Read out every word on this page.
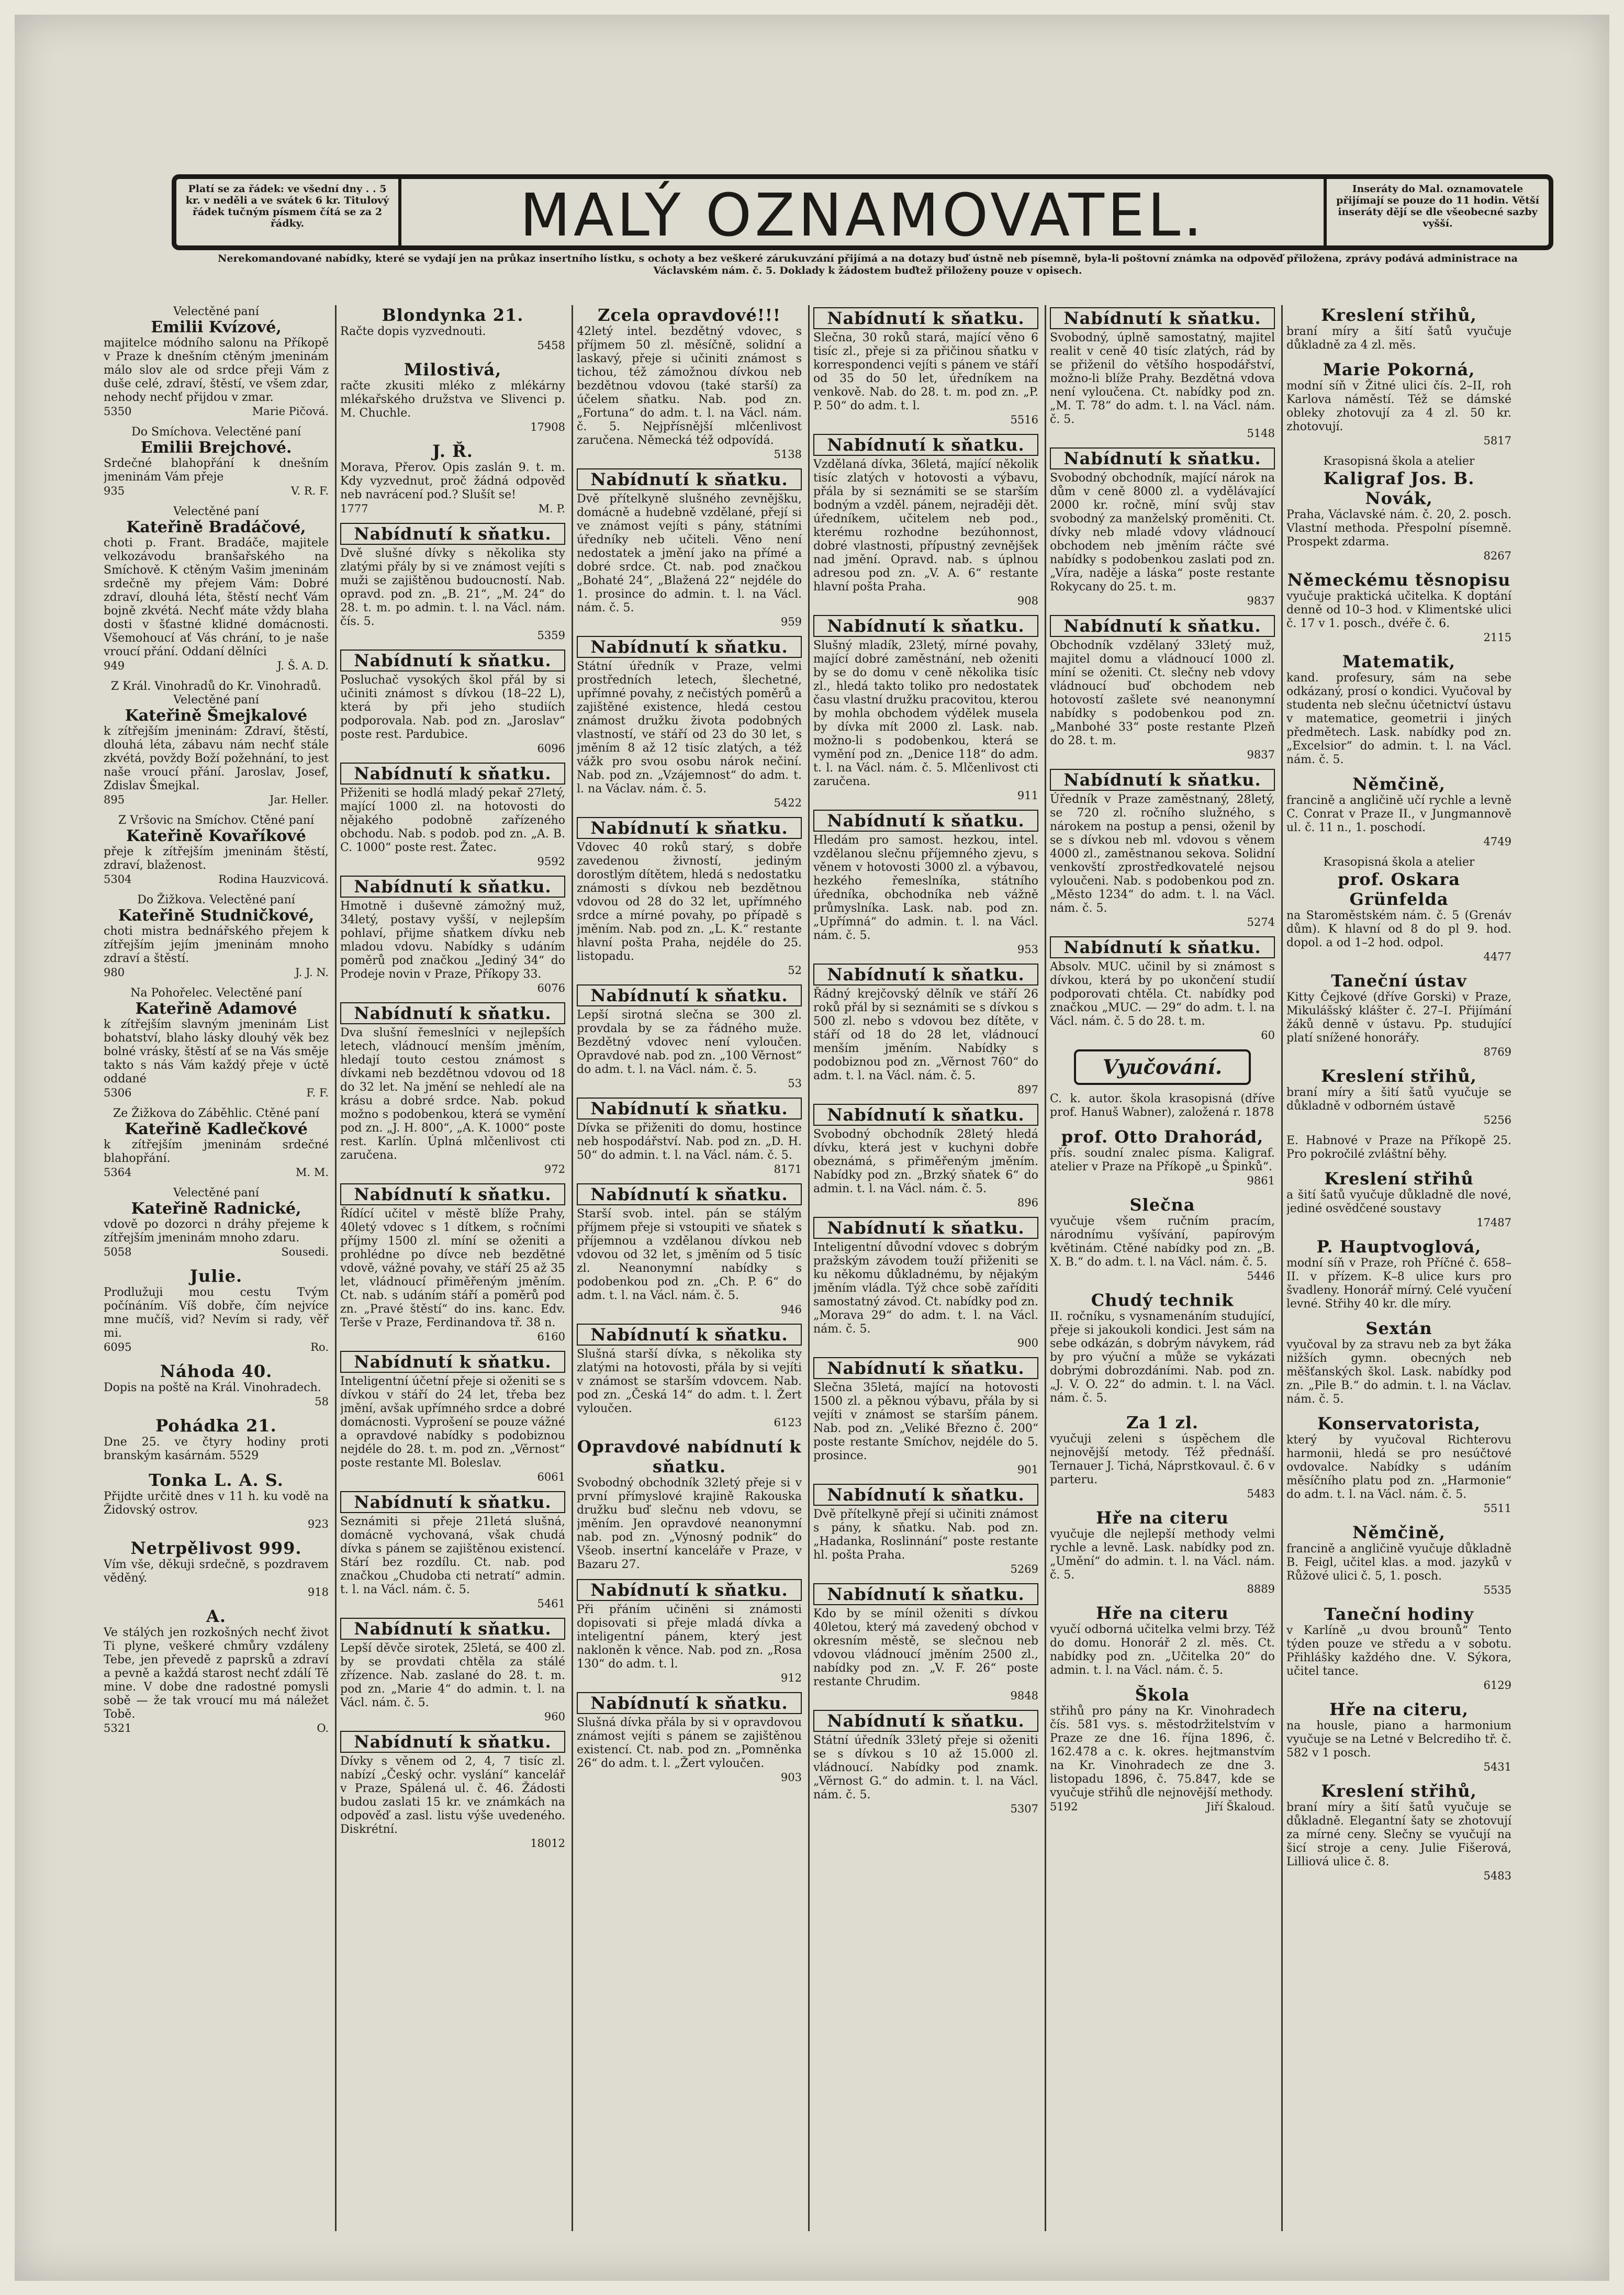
Platí se za řádek: ve všední dny . . 5 kr. v neděli a ve svátek 6 kr. Titulový řádek tučným písmem čítá se za 2 řádky.	MALÝ OZNAMOVATEL.	Inseráty do Mal. oznamovatele přijímají se pouze do 11 hodin. Větší inseráty dějí se dle všeobecné sazby vyšší.
Nerekomandované nabídky, které se vydají jen na průkaz insertního lístku, s ochoty a bez veškeré zárukuvzání přijímá a na dotazy buď ústně neb písemně, byla-li poštovní známka na odpověď přiložena, zprávy podává administrace na Václavském nám. č. 5. Doklady k žádostem buďtež přiloženy pouze v opisech.
Velectěné paní
Emilii Kvízové,
majitelce módního salonu na Příkopě v Praze k dnešním ctěným jmeninám málo slov ale od srdce přeji Vám z duše celé, zdraví, štěstí, ve všem zdar, nehody nechť přijdou v zmar.
5350	Marie Pičová.
Do Smíchova. Velectěné paní
Emilii Brejchové.
Srdečné blahopřání k dnešním jmeninám Vám přeje
935	V. R. F.
Velectěné paní
Kateřině Bradáčové,
choti p. Frant. Bradáče, majitele velkozávodu branšařského na Smíchově. K ctěným Vašim jmeninám srdečně my přejem Vám: Dobré zdraví, dlouhá léta, štěstí nechť Vám bojně zkvétá. Nechť máte vždy blaha dosti v šťastné klidné domácnosti. Všemohoucí ať Vás chrání, to je naše vroucí přání. Oddaní dělníci
949	J. Š. A. D.
Z Král. Vinohradů do Kr. Vinohradů. Velectěné paní
Kateřině Šmejkalové
k zítřejším jmeninám: Zdraví, štěstí, dlouhá léta, zábavu nám nechť stále zkvétá, povždy Boží požehnání, to jest naše vroucí přání. Jaroslav, Josef, Zdislav Šmejkal.
895	Jar. Heller.
Z Vršovic na Smíchov. Ctěné paní
Kateřině Kovaříkové
přeje k zítřejším jmeninám štěstí, zdraví, blaženost.
5304	Rodina Hauzvicová.
Do Žižkova. Velectěné paní
Kateřině Studničkové,
choti mistra bednářského přejem k zítřejším jejím jmeninám mnoho zdraví a štěstí.
980	J. J. N.
Na Pohořelec. Velectěné paní
Kateřině Adamové
k zítřejším slavným jmeninám List bohatství, blaho lásky dlouhý věk bez bolné vrásky, štěstí ať se na Vás směje takto s nás Vám každý přeje v úctě oddané
5306	F. F.
Ze Žižkova do Záběhlic. Ctěné paní
Kateřině Kadlečkové
k zítřejším jmeninám srdečné blahopřání.
5364	M. M.
Velectěné paní
Kateřině Radnické,
vdově po dozorci n dráhy přejeme k zítřejším jmeninám mnoho zdaru.
5058	Sousedi.
Julie.
Prodlužuji mou cestu Tvým počínáním. Víš dobře, čím nejvíce mne mučíš, vid? Nevím si rady, věř mi.
6095	Ro.
Náhoda 40.
Dopis na poště na Král. Vinohradech.
58
Pohádka 21.
Dne 25. ve čtyry hodiny proti branským kasárnám. 5529
Tonka L. A. S.
Přijdte určitě dnes v 11 h. ku vodě na Židovský ostrov.
923
Netrpělivost 999.
Vím vše, děkuji srdečně, s pozdravem věděný.
918
A.
Ve stálých jen rozkošných nechť život Ti plyne, veškeré chmůry vzdáleny Tebe, jen převedě z paprsků a zdraví a pevně a každá starost nechť zdálí Tě mine. V dobe dne radostné pomysli sobě — že tak vroucí mu má náležet Tobě.
5321	O.
Blondynka 21.
Račte dopis vyzvednouti.
5458
Milostivá,
račte zkusiti mléko z mlékárny mlékařského družstva ve Slivenci p. M. Chuchle.
17908
J. Ř.
Morava, Přerov. Opis zaslán 9. t. m. Kdy vyzvednut, proč žádná odpověď neb navrácení pod.? Slušít se!
1777	M. P.
Nabídnutí k sňatku.
Dvě slušné dívky s několika sty zlatými přály by si ve známost vejíti s muži se zajištěnou budoucností. Nab. opravd. pod zn. „B. 21“, „M. 24“ do 28. t. m. po admin. t. l. na Václ. nám. čís. 5.
5359
Nabídnutí k sňatku.
Posluchač vysokých škol přál by si učiniti známost s dívkou (18–22 L), která by při jeho studiích podporovala. Nab. pod zn. „Jaroslav“ poste rest. Pardubice.
6096
Nabídnutí k sňatku.
Přiženiti se hodlá mladý pekař 27letý, mající 1000 zl. na hotovosti do nějakého podobně zařízeného obchodu. Nab. s podob. pod zn. „A. B. C. 1000“ poste rest. Žatec.
9592
Nabídnutí k sňatku.
Hmotně i duševně zámožný muž, 34letý, postavy vyšší, v nejlepším pohlaví, přijme sňatkem dívku neb mladou vdovu. Nabídky s udáním poměrů pod značkou „Jediný 34“ do Prodeje novin v Praze, Příkopy 33.
6076
Nabídnutí k sňatku.
Dva slušní řemeslníci v nejlepších letech, vládnoucí menším jměním, hledají touto cestou známost s dívkami neb bezdětnou vdovou od 18 do 32 let. Na jmění se nehledí ale na krásu a dobré srdce. Nab. pokud možno s podobenkou, která se vymění pod zn. „J. H. 800“, „A. K. 1000“ poste rest. Karlín. Úplná mlčenlivost cti zaručena.
972
Nabídnutí k sňatku.
Řídící učitel v městě blíže Prahy, 40letý vdovec s 1 dítkem, s ročními příjmy 1500 zl. míní se oženiti a prohlédne po dívce neb bezdětné vdově, vážné povahy, ve stáří 25 až 35 let, vládnoucí přiměřeným jměním. Ct. nab. s udáním stáří a poměrů pod zn. „Pravé štěstí“ do ins. kanc. Edv. Terše v Praze, Ferdinandova tř. 38 n.
6160
Nabídnutí k sňatku.
Inteligentní účetní přeje si oženiti se s dívkou v stáří do 24 let, třeba bez jmění, avšak upřímného srdce a dobré domácnosti. Vyprošení se pouze vážné a opravdové nabídky s podobiznou nejdéle do 28. t. m. pod zn. „Věrnost“ poste restante Ml. Boleslav.
6061
Nabídnutí k sňatku.
Seznámiti si přeje 21letá slušná, domácně vychovaná, však chudá dívka s pánem se zajištěnou existencí. Stárí bez rozdílu. Ct. nab. pod značkou „Chudoba cti netratí“ admin. t. l. na Václ. nám. č. 5.
5461
Nabídnutí k sňatku.
Lepší děvče sirotek, 25letá, se 400 zl. by se provdati chtěla za stálé zřízence. Nab. zaslané do 28. t. m. pod zn. „Marie 4“ do admin. t. l. na Václ. nám. č. 5.
960
Nabídnutí k sňatku.
Dívky s věnem od 2, 4, 7 tisíc zl. nabízí „Český ochr. vyslání“ kancelář v Praze, Spálená ul. č. 46. Žádosti budou zaslati 15 kr. ve známkách na odpověď a zasl. listu výše uvedeného. Diskrétní.
18012
Zcela opravdové!!!
42letý intel. bezdětný vdovec, s příjmem 50 zl. měsíčně, solidní a laskavý, přeje si učiniti známost s tichou, též zámožnou dívkou neb bezdětnou vdovou (také starší) za účelem sňatku. Nab. pod zn. „Fortuna“ do adm. t. l. na Václ. nám. č. 5. Nejpřísnější mlčenlivost zaručena. Německá též odpovídá.
5138
Nabídnutí k sňatku.
Dvě přítelkyně slušného zevnějšku, domácně a hudebně vzdělané, přejí si ve známost vejíti s pány, státními úředníky neb učiteli. Věno není nedostatek a jmění jako na přímé a dobré srdce. Ct. nab. pod značkou „Bohaté 24“, „Blažená 22“ nejdéle do 1. prosince do admin. t. l. na Václ. nám. č. 5.
959
Nabídnutí k sňatku.
Státní úředník v Praze, velmi prostředních letech, šlechetné, upřímné povahy, z nečistých poměrů a zajištěné existence, hledá cestou známost družku života podobných vlastností, ve stáří od 23 do 30 let, s jměním 8 až 12 tisíc zlatých, a též vážk pro svou osobu nárok nečiní. Nab. pod zn. „Vzájemnost“ do adm. t. l. na Václav. nám. č. 5.
5422
Nabídnutí k sňatku.
Vdovec 40 roků starý, s dobře zavedenou živností, jediným dorostlým dítětem, hledá s nedostatku známosti s dívkou neb bezdětnou vdovou od 28 do 32 let, upřímného srdce a mírné povahy, po případě s jměním. Nab. pod zn. „L. K.“ restante hlavní pošta Praha, nejdéle do 25. listopadu.
52
Nabídnutí k sňatku.
Lepší sirotná slečna se 300 zl. provdala by se za řádného muže. Bezdětný vdovec není vyloučen. Opravdové nab. pod zn. „100 Věrnost“ do adm. t. l. na Václ. nám. č. 5.
53
Nabídnutí k sňatku.
Dívka se přiženiti do domu, hostince neb hospodářství. Nab. pod zn. „D. H. 50“ do admin. t. l. na Václ. nám. č. 5.
8171
Nabídnutí k sňatku.
Starší svob. intel. pán se stálým příjmem přeje si vstoupiti ve sňatek s příjemnou a vzdělanou dívkou neb vdovou od 32 let, s jměním od 5 tisíc zl. Neanonymní nabídky s podobenkou pod zn. „Ch. P. 6“ do adm. t. l. na Václ. nám. č. 5.
946
Nabídnutí k sňatku.
Slušná starší dívka, s několika sty zlatými na hotovosti, přála by si vejíti v známost se starším vdovcem. Nab. pod zn. „Česká 14“ do adm. t. l. Žert vyloučen.
6123
Opravdové nabídnutí k sňatku.
Svobodný obchodník 32letý přeje si v první přímyslové krajině Rakouska družku buď slečnu neb vdovu, se jměním. Jen opravdové neanonymní nab. pod zn. „Výnosný podnik“ do Všeob. insertní kanceláře v Praze, v Bazaru 27.
Nabídnutí k sňatku.
Při přáním učiněni si známosti dopisovati si přeje mladá dívka a inteligentní pánem, který jest nakloněn k věnce. Nab. pod zn. „Rosa 130“ do adm. t. l.
912
Nabídnutí k sňatku.
Slušná dívka přála by si v opravdovou známost vejíti s pánem se zajištěnou existencí. Ct. nab. pod zn. „Pomněnka 26“ do adm. t. l. „Žert vyloučen.
903
Nabídnutí k sňatku.
Slečna, 30 roků stará, mající věno 6 tisíc zl., přeje si za přičinou sňatku v korrespondenci vejíti s pánem ve stáří od 35 do 50 let, úředníkem na venkově. Nab. do 28. t. m. pod zn. „P. P. 50“ do adm. t. l.
5516
Nabídnutí k sňatku.
Vzdělaná dívka, 36letá, mající několik tisíc zlatých v hotovosti a výbavu, přála by si seznámiti se se starším bodným a vzděl. pánem, nejraději dět. úředníkem, učitelem neb pod., kterému rozhodne bezúhonnost, dobré vlastnosti, přípustný zevnějšek nad jmění. Opravd. nab. s úplnou adresou pod zn. „V. A. 6“ restante hlavní pošta Praha.
908
Nabídnutí k sňatku.
Slušný mladík, 23letý, mírné povahy, mající dobré zaměstnání, neb oženiti by se do domu v ceně několika tisíc zl., hledá takto toliko pro nedostatek času vlastní družku pracovitou, kterou by mohla obchodem výdělek musela by dívka mít 2000 zl. Lask. nab. možno-li s podobenkou, která se vymění pod zn. „Denice 118“ do adm. t. l. na Václ. nám. č. 5. Mlčenlivost cti zaručena.
911
Nabídnutí k sňatku.
Hledám pro samost. hezkou, intel. vzdělanou slečnu příjemného zjevu, s věnem v hotovosti 3000 zl. a výbavou, hezkého řemeslníka, státního úředníka, obchodníka neb vážně průmyslníka. Lask. nab. pod zn. „Upřímná“ do admin. t. l. na Václ. nám. č. 5.
953
Nabídnutí k sňatku.
Řádný krejčovský dělník ve stáří 26 roků přál by si seznámiti se s dívkou s 500 zl. nebo s vdovou bez dítěte, v stáří od 18 do 28 let, vládnoucí menším jměním. Nabídky s podobiznou pod zn. „Věrnost 760“ do adm. t. l. na Václ. nám. č. 5.
897
Nabídnutí k sňatku.
Svobodný obchodník 28letý hledá dívku, která jest v kuchyni dobře obeznámá, s přiměřeným jměním. Nabídky pod zn. „Brzký sňatek 6“ do admin. t. l. na Václ. nám. č. 5.
896
Nabídnutí k sňatku.
Inteligentní důvodní vdovec s dobrým pražským závodem touží přiženiti se ku někomu důkladnému, by nějakým jměním vládla. Týž chce sobě zaříditi samostatný závod. Ct. nabídky pod zn. „Morava 29“ do adm. t. l. na Václ. nám. č. 5.
900
Nabídnutí k sňatku.
Slečna 35letá, mající na hotovosti 1500 zl. a pěknou výbavu, přála by si vejíti v známost se starším pánem. Nab. pod zn. „Veliké Březno č. 200“ poste restante Smíchov, nejdéle do 5. prosince.
901
Nabídnutí k sňatku.
Dvě přítelkyně přejí si učiniti známost s pány, k sňatku. Nab. pod zn. „Hadanka, Roslinnání“ poste restante hl. pošta Praha.
5269
Nabídnutí k sňatku.
Kdo by se mínil oženiti s dívkou 40letou, který má zavedený obchod v okresním městě, se slečnou neb vdovou vládnoucí jměním 2500 zl., nabídky pod zn. „V. F. 26“ poste restante Chrudim.
9848
Nabídnutí k sňatku.
Státní úředník 33letý přeje si oženiti se s dívkou s 10 až 15.000 zl. vládnoucí. Nabídky pod znamk. „Věrnost G.“ do admin. t. l. na Václ. nám. č. 5.
5307
Nabídnutí k sňatku.
Svobodný, úplně samostatný, majitel realit v ceně 40 tisíc zlatých, rád by se přiženil do většího hospodářství, možno-li blíže Prahy. Bezdětná vdova není vyloučena. Ct. nabídky pod zn. „M. T. 78“ do adm. t. l. na Václ. nám. č. 5.
5148
Nabídnutí k sňatku.
Svobodný obchodník, mající nárok na dům v ceně 8000 zl. a vydělávající 2000 kr. ročně, míní svůj stav svobodný za manželský proměniti. Ct. dívky neb mladé vdovy vládnoucí obchodem neb jměním ráčte své nabídky s podobenkou zaslati pod zn. „Víra, naděje a láska“ poste restante Rokycany do 25. t. m.
9837
Nabídnutí k sňatku.
Obchodník vzdělaný 33letý muž, majitel domu a vládnoucí 1000 zl. míní se oženiti. Ct. slečny neb vdovy vládnoucí buď obchodem neb hotovostí zašlete své neanonymní nabídky s podobenkou pod zn. „Manbohé 33“ poste restante Plzeň do 28. t. m.
9837
Nabídnutí k sňatku.
Úředník v Praze zaměstnaný, 28letý, se 720 zl. ročního služného, s nárokem na postup a pensi, oženil by se s dívkou neb ml. vdovou s věnem 4000 zl., zaměstnanou sekova. Solidní venkovští zprostředkovatelé nejsou vyloučeni. Nab. s podobenkou pod zn. „Město 1234“ do adm. t. l. na Václ. nám. č. 5.
5274
Nabídnutí k sňatku.
Absolv. MUC. učinil by si známost s dívkou, která by po ukončení studií podporovati chtěla. Ct. nabídky pod značkou „MUC. — 29“ do adm. t. l. na Václ. nám. č. 5 do 28. t. m.
60
Vyučování.
C. k. autor. škola krasopisná (dříve prof. Hanuš Wabner), založená r. 1878
prof. Otto Drahorád,
přís. soudní znalec písma. Kaligraf. atelier v Praze na Příkopě „u Špinků“.
9861
Slečna
vyučuje všem ručním pracím, národnímu vyšívání, papírovým květinám. Ctěné nabídky pod zn. „B. X. B.“ do adm. t. l. na Václ. nám. č. 5.
5446
Chudý technik
II. ročníku, s vysnamenáním studující, přeje si jakoukoli kondici. Jest sám na sebe odkázán, s dobrým návykem, rád by pro výuční a může se vykázati dobrými dobrozdáními. Nab. pod zn. „J. V. O. 22“ do admin. t. l. na Václ. nám. č. 5.
Za 1 zl.
vyučuji zeleni s úspěchem dle nejnovější metody. Též přednáší. Ternauer J. Tichá, Náprstkovaul. č. 6 v parteru.
5483
Hře na citeru
vyučuje dle nejlepší methody velmi rychle a levně. Lask. nabídky pod zn. „Umění“ do admin. t. l. na Václ. nám. č. 5.
8889
Hře na citeru
vyučí odborná učitelka velmi brzy. Též do domu. Honorář 2 zl. měs. Ct. nabídky pod zn. „Učitelka 20“ do admin. t. l. na Václ. nám. č. 5.
Škola
střihů pro pány na Kr. Vinohradech čís. 581 vys. s. městodržitelstvím v Praze ze dne 16. října 1896, č. 162.478 a c. k. okres. hejtmanstvím na Kr. Vinohradech ze dne 3. listopadu 1896, č. 75.847, kde se vyučuje střihů dle nejnovější methody.
5192	Jiří Škaloud.
Kreslení střihů,
braní míry a šití šatů vyučuje důkladně za 4 zl. měs.
Marie Pokorná,
modní síň v Žitné ulici čís. 2–II, roh Karlova náměstí. Též se dámské obleky zhotovují za 4 zl. 50 kr. zhotovují.
5817
Krasopisná škola a atelier
Kaligraf Jos. B. Novák,
Praha, Václavské nám. č. 20, 2. posch. Vlastní methoda. Přespolní písemně. Prospekt zdarma.
8267
Německému těsnopisu
vyučuje praktická učitelka. K doptání denně od 10–3 hod. v Klimentské ulici č. 17 v 1. posch., dvéře č. 6.
2115
Matematik,
kand. profesury, sám na sebe odkázaný, prosí o kondici. Vyučoval by studenta neb slečnu účetnictví ústavu v matematice, geometrii i jiných předmětech. Lask. nabídky pod zn. „Excelsior“ do admin. t. l. na Václ. nám. č. 5.
Němčině,
francině a angličině učí rychle a levně C. Conrat v Praze II., v Jungmannově ul. č. 11 n., 1. poschodí.
4749
Krasopisná škola a atelier
prof. Oskara Grünfelda
na Staroměstském nám. č. 5 (Grenáv dům). K hlavní od 8 do pl 9. hod. dopol. a od 1–2 hod. odpol.
4477
Taneční ústav
Kitty Čejkové (dříve Gorski) v Praze, Mikulášský klášter č. 27–I. Přijímání žáků denně v ústavu. Pp. studující platí snížené honorářy.
8769
Kreslení střihů,
braní míry a šití šatů vyučuje se důkladně v odborném ústavě
5256
E. Habnové v Praze na Příkopě 25. Pro pokročilé zvláštní běhy.
Kreslení střihů
a šití šatů vyučuje důkladně dle nové, jediné osvědčené soustavy
17487
P. Hauptvoglová,
modní síň v Praze, roh Příčné č. 658–II. v přízem. K–8 ulice kurs pro švadleny. Honorář mírný. Celé vyučení levné. Střihy 40 kr. dle míry.
Sextán
vyučoval by za stravu neb za byt žáka nižších gymn. obecných neb měšťanských škol. Lask. nabídky pod zn. „Pile B.“ do admin. t. l. na Václav. nám. č. 5.
Konservatorista,
který by vyučoval Richterovu harmonii, hledá se pro nesúčtové ovdovalce. Nabídky s udáním měsíčního platu pod zn. „Harmonie“ do adm. t. l. na Václ. nám. č. 5.
5511
Němčině,
francině a angličině vyučuje důkladně B. Feigl, učitel klas. a mod. jazyků v Růžové ulici č. 5, 1. posch.
5535
Taneční hodiny
v Karlíně „u dvou brounů“ Tento týden pouze ve středu a v sobotu. Přihlášky každého dne. V. Sýkora, učitel tance.
6129
Hře na citeru,
na housle, piano a harmonium vyučuje se na Letné v Belcrediho tř. č. 582 v 1 posch.
5431
Kreslení střihů,
braní míry a šití šatů vyučuje se důkladně. Elegantní šaty se zhotovují za mírné ceny. Slečny se vyučují na šicí stroje a ceny. Julie Fišerová, Lilliová ulice č. 8.
5483
